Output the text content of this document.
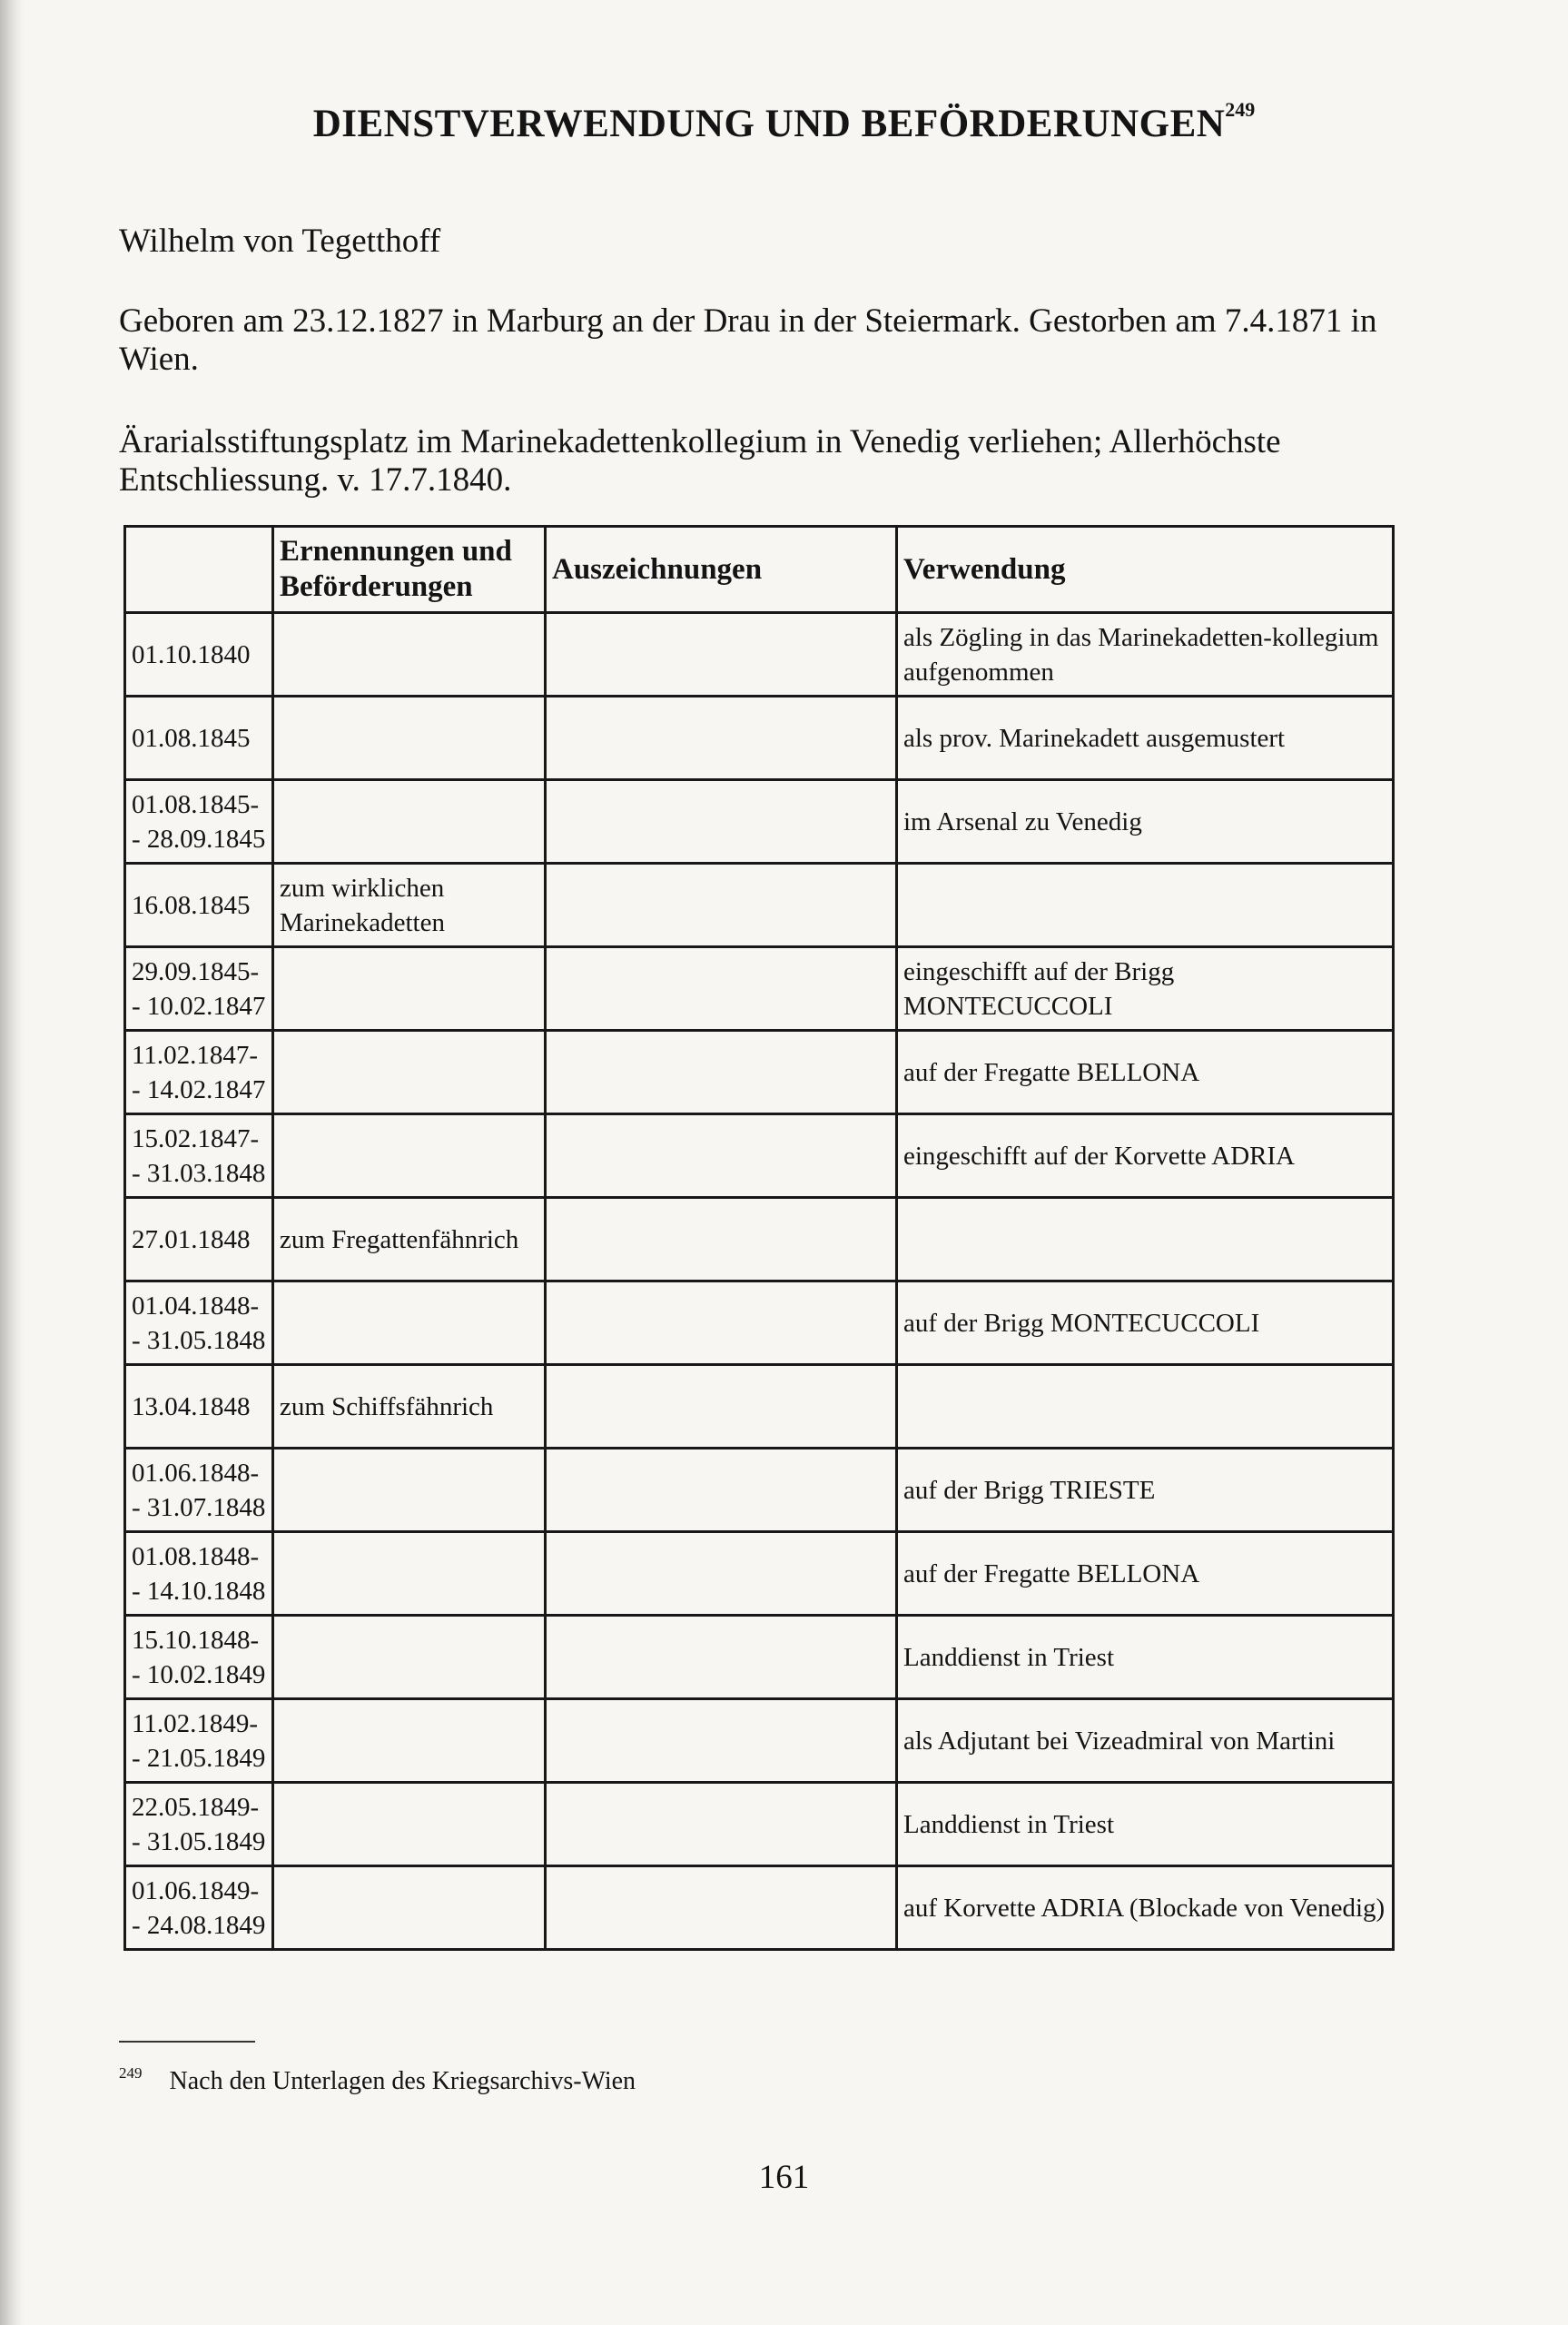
DIENSTVERWENDUNG UND BEFÖRDERUNGEN$^{249}$
Wilhelm von Tegetthoff
Geboren am 23.12.1827 in Marburg an der Drau in der Steiermark. Gestorben am 7.4.1871 in Wien.
Ärarialsstiftungsplatz im Marinekadettenkollegium in Venedig verliehen; Allerhöchste Entschliessung. v. 17.7.1840.
	Ernennungen und Beförderungen	Auszeichnungen	Verwendung
01.10.1840			als Zögling in das Marinekadetten-kollegium aufgenommen
01.08.1845			als prov. Marinekadett ausgemustert
01.08.1845-- 28.09.1845			im Arsenal zu Venedig
16.08.1845	zum wirklichen Marinekadetten		
29.09.1845-- 10.02.1847			eingeschifft auf der Brigg MONTECUCCOLI
11.02.1847-- 14.02.1847			auf der Fregatte BELLONA
15.02.1847-- 31.03.1848			eingeschifft auf der Korvette ADRIA
27.01.1848	zum Fregattenfähnrich		
01.04.1848-- 31.05.1848			auf der Brigg MONTECUCCOLI
13.04.1848	zum Schiffsfähnrich		
01.06.1848-- 31.07.1848			auf der Brigg TRIESTE
01.08.1848-- 14.10.1848			auf der Fregatte BELLONA
15.10.1848-- 10.02.1849			Landdienst in Triest
11.02.1849-- 21.05.1849			als Adjutant bei Vizeadmiral von Martini
22.05.1849-- 31.05.1849			Landdienst in Triest
01.06.1849-- 24.08.1849			auf Korvette ADRIA (Blockade von Venedig)
$^{249}$ Nach den Unterlagen des Kriegsarchivs-Wien
161
